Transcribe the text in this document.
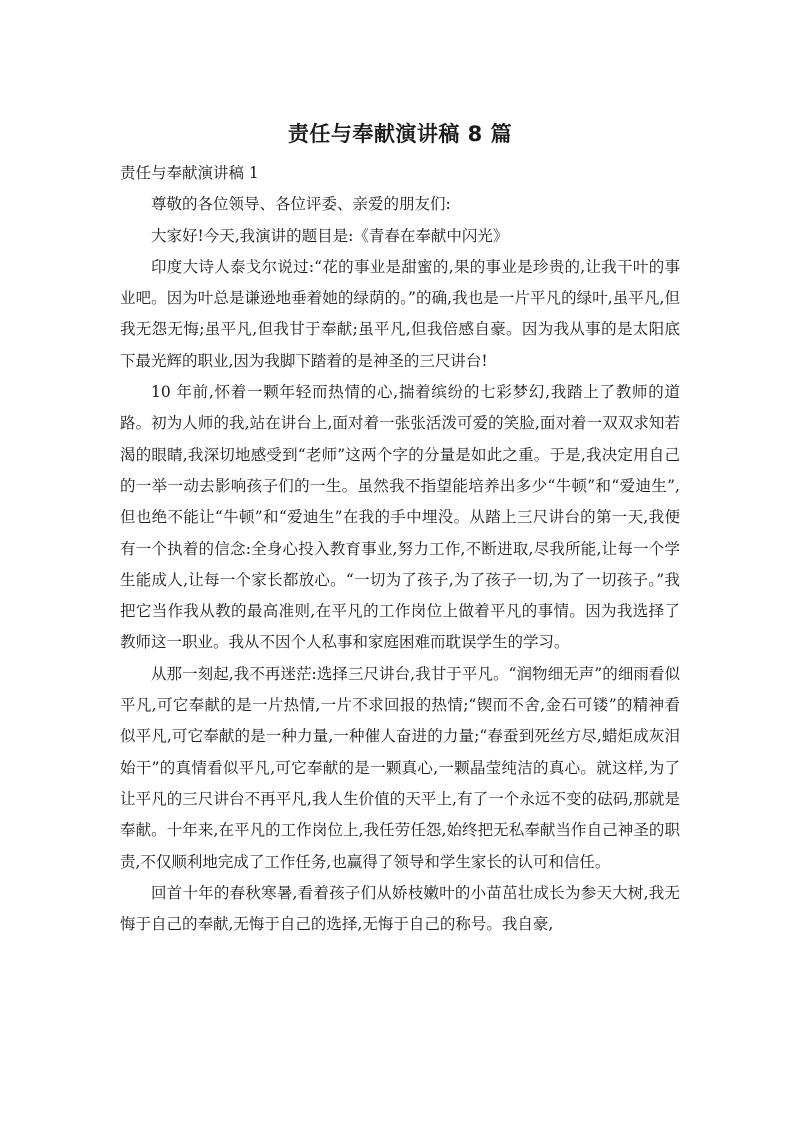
责任与奉献演讲稿 8 篇

责任与奉献演讲稿 1

尊敬的各位领导、各位评委、亲爱的朋友们:

大家好!今天,我演讲的题目是:《青春在奉献中闪光》

印度大诗人泰戈尔说过:“花的事业是甜蜜的,果的事业是珍贵的,让我干叶的事业吧。因为叶总是谦逊地垂着她的绿荫的。”的确,我也是一片平凡的绿叶,虽平凡,但我无怨无悔;虽平凡,但我甘于奉献;虽平凡,但我倍感自豪。因为我从事的是太阳底下最光辉的职业,因为我脚下踏着的是神圣的三尺讲台!

10 年前,怀着一颗年轻而热情的心,揣着缤纷的七彩梦幻,我踏上了教师的道路。初为人师的我,站在讲台上,面对着一张张活泼可爱的笑脸,面对着一双双求知若渴的眼睛,我深切地感受到“老师”这两个字的分量是如此之重。于是,我决定用自己的一举一动去影响孩子们的一生。虽然我不指望能培养出多少“牛顿”和“爱迪生”,但也绝不能让“牛顿”和“爱迪生”在我的手中埋没。从踏上三尺讲台的第一天,我便有一个执着的信念:全身心投入教育事业,努力工作,不断进取,尽我所能,让每一个学生能成人,让每一个家长都放心。“一切为了孩子,为了孩子一切,为了一切孩子。”我把它当作我从教的最高准则,在平凡的工作岗位上做着平凡的事情。因为我选择了教师这一职业。我从不因个人私事和家庭困难而耽误学生的学习。

从那一刻起,我不再迷茫:选择三尺讲台,我甘于平凡。“润物细无声”的细雨看似平凡,可它奉献的是一片热情,一片不求回报的热情;“锲而不舍,金石可镂”的精神看似平凡,可它奉献的是一种力量,一种催人奋进的力量;“春蚕到死丝方尽,蜡炬成灰泪始干”的真情看似平凡,可它奉献的是一颗真心,一颗晶莹纯洁的真心。就这样,为了让平凡的三尺讲台不再平凡,我人生价值的天平上,有了一个永远不变的砝码,那就是奉献。十年来,在平凡的工作岗位上,我任劳任怨,始终把无私奉献当作自己神圣的职责,不仅顺利地完成了工作任务,也赢得了领导和学生家长的认可和信任。

回首十年的春秋寒暑,看着孩子们从娇枝嫩叶的小苗茁壮成长为参天大树,我无悔于自己的奉献,无悔于自己的选择,无悔于自己的称号。我自豪,
